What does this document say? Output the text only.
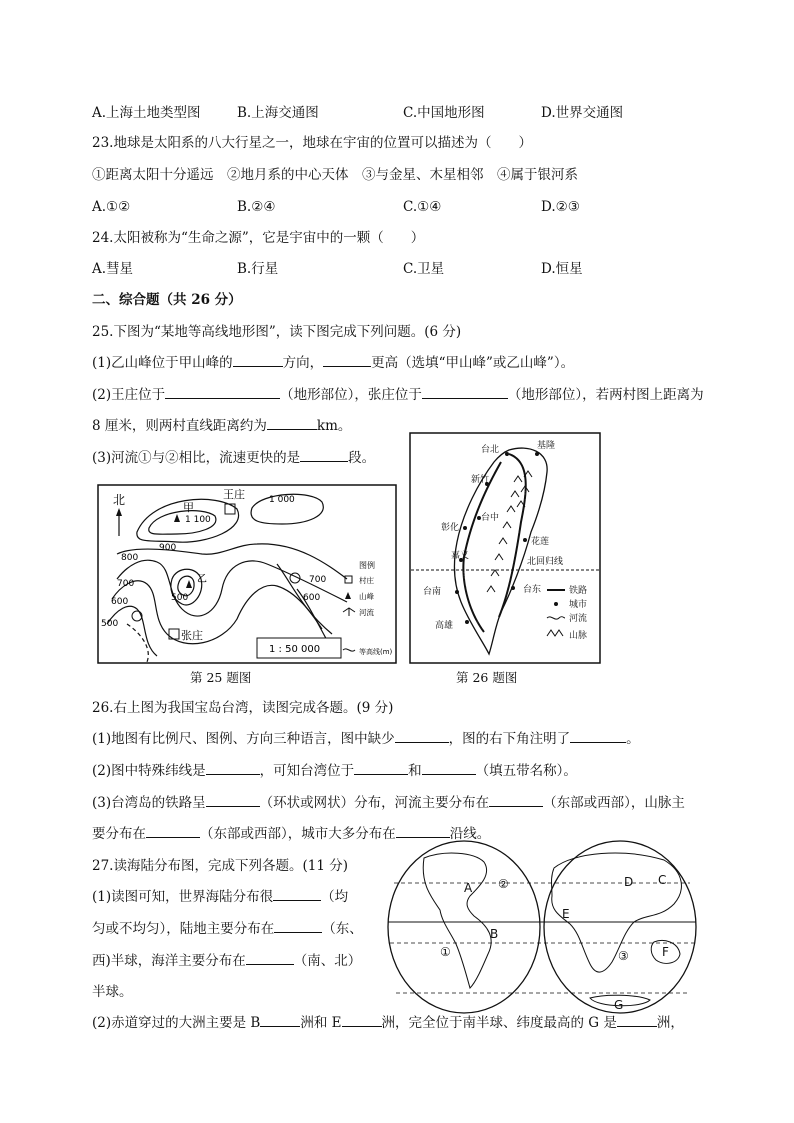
A.上海土地类型图	B.上海交通图	C.中国地形图	D.世界交通图
23.地球是太阳系的八大行星之一，地球在宇宙的位置可以描述为（　　）
①距离太阳十分遥远　②地月系的中心天体　③与金星、木星相邻　④属于银河系
A.①②	B.②④	C.①④	D.②③
24.太阳被称为“生命之源”，它是宇宙中的一颗（　　）
A.彗星	B.行星	C.卫星	D.恒星
二、综合题（共 26 分）
25.下图为“某地等高线地形图”，读下图完成下列问题。(6 分)
(1)乙山峰位于甲山峰的	方向，	更高（选填“甲山峰”或乙山峰”）。
(2)王庄位于	（地形部位），张庄位于	（地形部位），若两村图上距离为
8 厘米，则两村直线距离约为	km。
(3)河流①与②相比，流速更快的是	段。
北
甲
乙
王庄
张庄
1 100
1 000
900
800
700
600
500
500
700
600
图例
村庄
山峰
河流
等高线(m)
1 : 50 000
第 25 题图
北回归线
台北	基隆
新竹
台中
彰化
花莲
嘉义
台南	台东
高雄
铁路
城市
河流
山脉
第 26 题图
26.右上图为我国宝岛台湾，读图完成各题。(9 分)
(1)地图有比例尺、图例、方向三种语言，图中缺少	，图的右下角注明了	。
(2)图中特殊纬线是	，可知台湾位于	和	（填五带名称）。
(3)台湾岛的铁路呈	（环状或网状）分布，河流主要分布在	（东部或西部），山脉主
要分布在	（东部或西部），城市大多分布在	沿线。
27.读海陆分布图，完成下列各题。(11 分)
(1)读图可知，世界海陆分布很	（均
匀或不均匀），陆地主要分布在	（东、
西)半球，海洋主要分布在	（南、北）
半球。
(2)赤道穿过的大洲主要是 B	洲和 E	洲，完全位于南半球、纬度最高的 G 是	洲，
A
B
C
D
E
F
G
①
②
③
